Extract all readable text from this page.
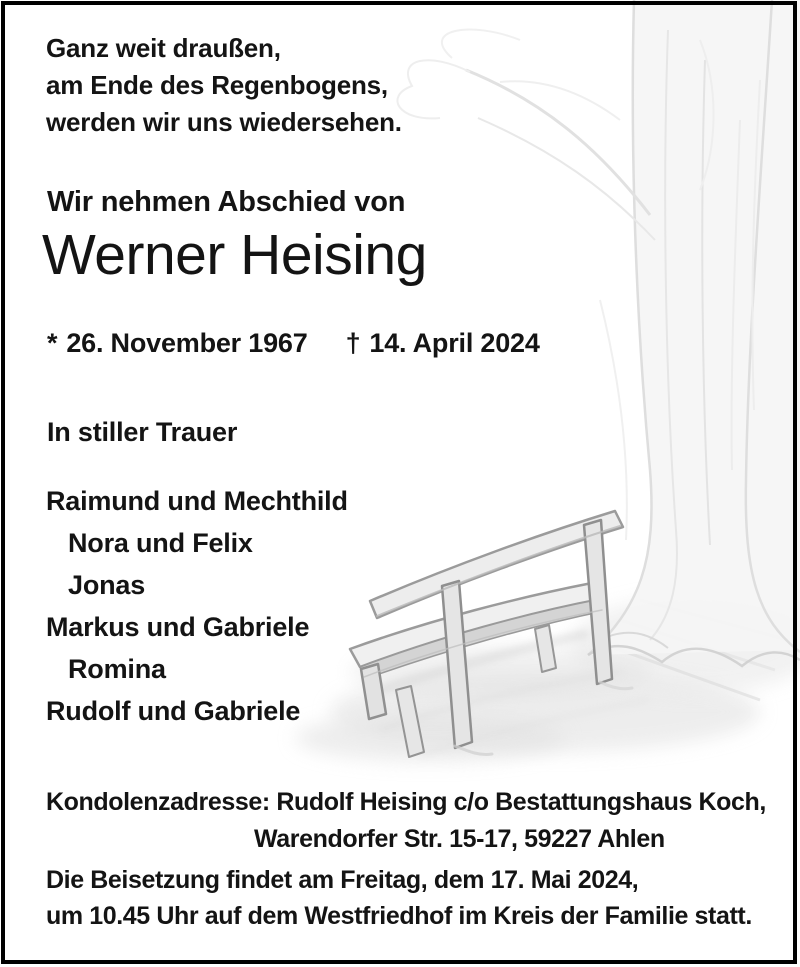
Ganz weit draußen,
am Ende des Regenbogens,
werden wir uns wiedersehen.
Wir nehmen Abschied von
Werner Heising
* 26. November 1967 † 14. April 2024
In stiller Trauer
Raimund und Mechthild
Nora und Felix
Jonas
Markus und Gabriele
Romina
Rudolf und Gabriele
Kondolenzadresse: Rudolf Heising c/o Bestattungshaus Koch,
Warendorfer Str. 15-17, 59227 Ahlen
Die Beisetzung findet am Freitag, dem 17. Mai 2024,
um 10.45 Uhr auf dem Westfriedhof im Kreis der Familie statt.
